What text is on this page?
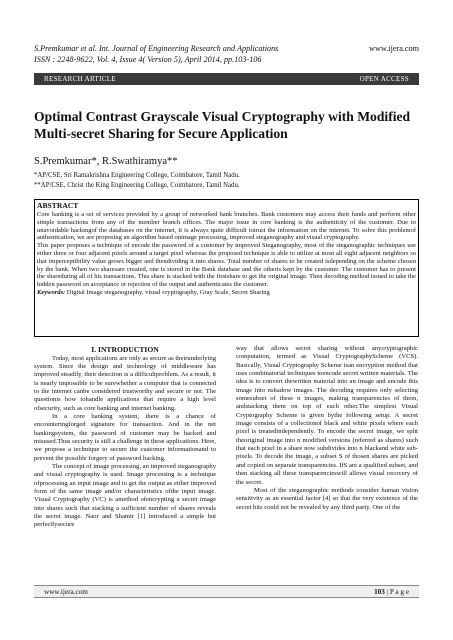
S.Premkumar et al. Int. Journal of Engineering Research and Applications	www.ijera.com
ISSN : 2248-9622, Vol. 4, Issue 4( Version 5), April 2014, pp.103-106
RESEARCH ARTICLE	OPEN ACCESS
Optimal Contrast Grayscale Visual Cryptography with Modified Multi-secret Sharing for Secure Application
S.Premkumar*, R.Swathiramya**
*AP/CSE, Sri Ramakrishna Engineering College, Coimbatore, Tamil Nadu.
**AP/CSE, Christ the King Engineering College, Coimbatore, Tamil Nadu.
ABSTRACT

Core banking is a set of services provided by a group of networked bank branches. Bank customers may access their funds and perform other simple transactions from any of the member branch offices. The major issue in core banking is the authenticity of the customer. Due to unavoidable hackingof the databases on the internet, it is always quite difficult totrust the information on the internet. To solve this problemof authentication, we are proposing an algorithm based onimage processing, improved steganography and visual cryptography.

This paper proposes a technique of encode the password of a customer by improved Steganography, most of the steganographic techniques use either three or four adjacent pixels around a target pixel whereas the proposed technique is able to utilize at most all eight adjacent neighbors so that imperceptibility value grows bigger and thendividing it into shares. Total number of shares to be created isdepending on the scheme chosen by the bank. When two sharesare created, one is stored in the Bank database and the otheris kept by the customer. The customer has to present the shareduring all of his transactions. This share is stacked with the firstshare to get the original image. Then decoding method issued to take the hidden password on acceptance or rejection of the output and authenticates the customer.

Keywords: Digital Image steganography, visual cryptography, Gray Scale, Secret Sharing
I. INTRODUCTION

Today, most applications are only as secure as theirunderlying system. Since the design and technology of middleware has improved steadily, their detection is a difficultproblem. As a result, it is nearly impossible to be surewhether a computer that is connected to the internet canbe considered trustworthy and secure or not. The questionis how tohandle applications that require a high level ofsecurity, such as core banking and internet banking.

In a core banking system, there is a chance of encounteringforged signature for transaction. And in the net bankingsystem, the password of customer may be hacked and misused.Thus security is still a challenge in these applications. Here, we propose a technique to secure the customer informationand to prevent the possible forgery of password hacking.

The concept of image processing, an improved steganography and visual cryptography is used. Image processing is a technique ofprocessing an input image and to get the output as either improved form of the same image and/or characteristics ofthe input image. Visual Cryptography (VC) is amethod ofencrypting a secret image into shares such that stacking a sufficient number of shares reveals the secret image. Naor and Shamir [1] introduced a simple but perfectlysecure

way that allows secret sharing without anycryptographic computation, termed as Visual CryptographyScheme (VCS). Basically, Visual Cryptography Scheme isan encryption method that uses combinatorial techniques toencode secret written materials. The idea is to convert thewritten material into an image and encode this image into nshadow images. The decoding requires only selecting somesubset of these n images, making transparencies of them, andstacking them on top of each other.The simplest Visual Cryptography Scheme is given bythe following setup. A secret image consists of a collectionof black and white pixels where each pixel is treatedindependently. To encode the secret image, we split theoriginal image into n modified versions (referred as shares) such that each pixel in a share now subdivides into n blackand white sub-pixels. To decode the image, a subset S of thosen shares are picked and copied on separate transparencies. IfS are a qualified subset, and then stacking all these transparencieswill allows visual recovery of the secret.

Most of the steganographic methods consider human vision sensitivity as an essential factor [4] so that the very existence of the secret bits could not be revealed by any third party. One of the

www.ijera.com	103 | P a g e
